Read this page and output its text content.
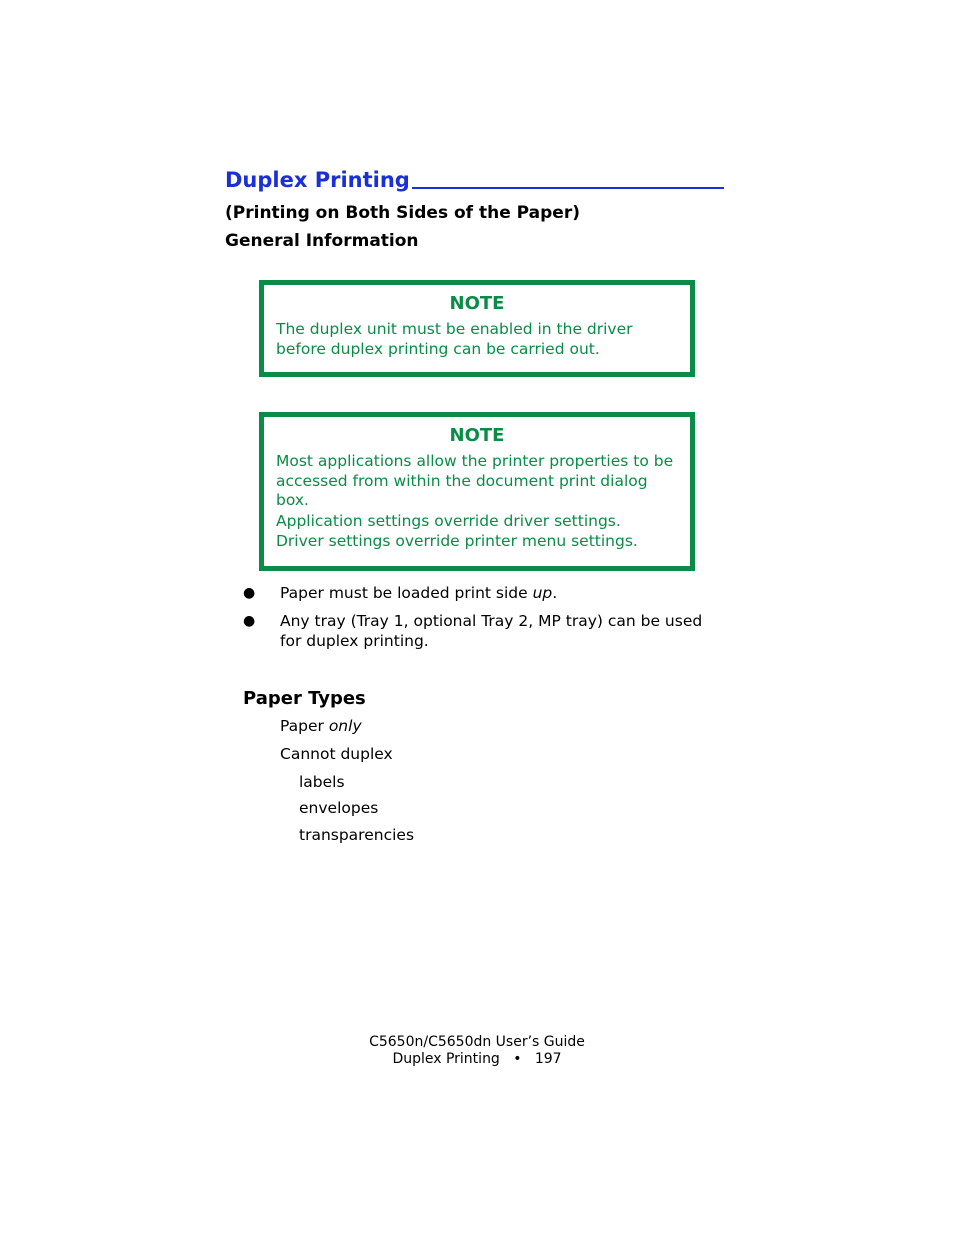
Duplex Printing
(Printing on Both Sides of the Paper)
General Information
NOTE
The duplex unit must be enabled in the driver before duplex printing can be carried out.
NOTE
Most applications allow the printer properties to be accessed from within the document print dialog box.
Application settings override driver settings.
Driver settings override printer menu settings.
● Paper must be loaded print side up.
● Any tray (Tray 1, optional Tray 2, MP tray) can be used for duplex printing.
Paper Types
Paper only
Cannot duplex
labels
envelopes
transparencies
C5650n/C5650dn User’s Guide
Duplex Printing • 197
